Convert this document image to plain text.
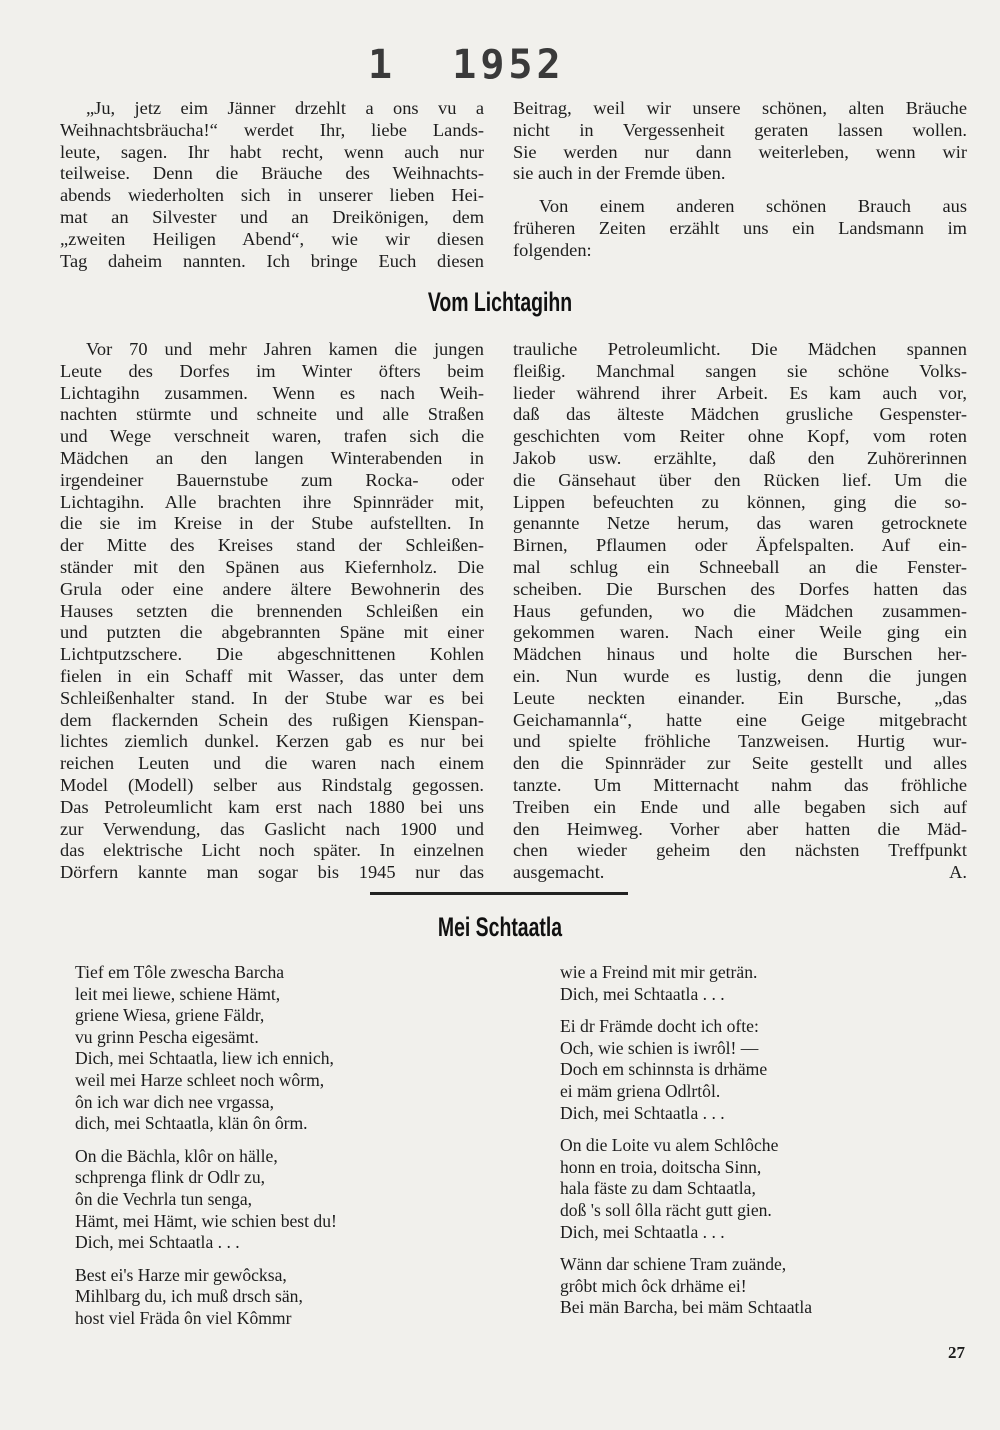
1  1952
„Ju, jetz eim Jänner drzehlt a ons vu a
Weihnachtsbräucha!“ werdet Ihr, liebe Lands-
leute, sagen. Ihr habt recht, wenn auch nur
teilweise. Denn die Bräuche des Weihnachts-
abends wiederholten sich in unserer lieben Hei-
mat an Silvester und an Dreikönigen, dem
„zweiten Heiligen Abend“, wie wir diesen
Tag daheim nannten. Ich bringe Euch diesen
Beitrag, weil wir unsere schönen, alten Bräuche
nicht in Vergessenheit geraten lassen wollen.
Sie werden nur dann weiterleben, wenn wir
sie auch in der Fremde üben.
Von einem anderen schönen Brauch aus
früheren Zeiten erzählt uns ein Landsmann im
folgenden:
Vom Lichtagihn
Vor 70 und mehr Jahren kamen die jungen
Leute des Dorfes im Winter öfters beim
Lichtagihn zusammen. Wenn es nach Weih-
nachten stürmte und schneite und alle Straßen
und Wege verschneit waren, trafen sich die
Mädchen an den langen Winterabenden in
irgendeiner Bauernstube zum Rocka- oder
Lichtagihn. Alle brachten ihre Spinnräder mit,
die sie im Kreise in der Stube aufstellten. In
der Mitte des Kreises stand der Schleißen-
ständer mit den Spänen aus Kiefernholz. Die
Grula oder eine andere ältere Bewohnerin des
Hauses setzten die brennenden Schleißen ein
und putzten die abgebrannten Späne mit einer
Lichtputzschere. Die abgeschnittenen Kohlen
fielen in ein Schaff mit Wasser, das unter dem
Schleißenhalter stand. In der Stube war es bei
dem flackernden Schein des rußigen Kienspan-
lichtes ziemlich dunkel. Kerzen gab es nur bei
reichen Leuten und die waren nach einem
Model (Modell) selber aus Rindstalg gegossen.
Das Petroleumlicht kam erst nach 1880 bei uns
zur Verwendung, das Gaslicht nach 1900 und
das elektrische Licht noch später. In einzelnen
Dörfern kannte man sogar bis 1945 nur das
trauliche Petroleumlicht. Die Mädchen spannen
fleißig. Manchmal sangen sie schöne Volks-
lieder während ihrer Arbeit. Es kam auch vor,
daß das älteste Mädchen grusliche Gespenster-
geschichten vom Reiter ohne Kopf, vom roten
Jakob usw. erzählte, daß den Zuhörerinnen
die Gänsehaut über den Rücken lief. Um die
Lippen befeuchten zu können, ging die so-
genannte Netze herum, das waren getrocknete
Birnen, Pflaumen oder Äpfelspalten. Auf ein-
mal schlug ein Schneeball an die Fenster-
scheiben. Die Burschen des Dorfes hatten das
Haus gefunden, wo die Mädchen zusammen-
gekommen waren. Nach einer Weile ging ein
Mädchen hinaus und holte die Burschen her-
ein. Nun wurde es lustig, denn die jungen
Leute neckten einander. Ein Bursche, „das
Geichamannla“, hatte eine Geige mitgebracht
und spielte fröhliche Tanzweisen. Hurtig wur-
den die Spinnräder zur Seite gestellt und alles
tanzte. Um Mitternacht nahm das fröhliche
Treiben ein Ende und alle begaben sich auf
den Heimweg. Vorher aber hatten die Mäd-
chen wieder geheim den nächsten Treffpunkt
ausgemacht.	A.
Mei Schtaatla
Tief em Tôle zwescha Barcha
leit mei liewe, schiene Hämt,
griene Wiesa, griene Fäldr,
vu grinn Pescha eigesämt.
Dich, mei Schtaatla, liew ich ennich,
weil mei Harze schleet noch wôrm,
ôn ich war dich nee vrgassa,
dich, mei Schtaatla, klän ôn ôrm.
On die Bächla, klôr on hälle,
schprenga flink dr Odlr zu,
ôn die Vechrla tun senga,
Hämt, mei Hämt, wie schien best du!
Dich, mei Schtaatla . . .
Best ei's Harze mir gewôcksa,
Mihlbarg du, ich muß drsch sän,
host viel Fräda ôn viel Kômmr
wie a Freind mit mir geträn.
Dich, mei Schtaatla . . .
Ei dr Främde docht ich ofte:
Och, wie schien is iwrôl! —
Doch em schinnsta is drhäme
ei mäm griena Odlrtôl.
Dich, mei Schtaatla . . .
On die Loite vu alem Schlôche
honn en troia, doitscha Sinn,
hala fäste zu dam Schtaatla,
doß 's soll ôlla rächt gutt gien.
Dich, mei Schtaatla . . .
Wänn dar schiene Tram zuände,
grôbt mich ôck drhäme ei!
Bei män Barcha, bei mäm Schtaatla
27
